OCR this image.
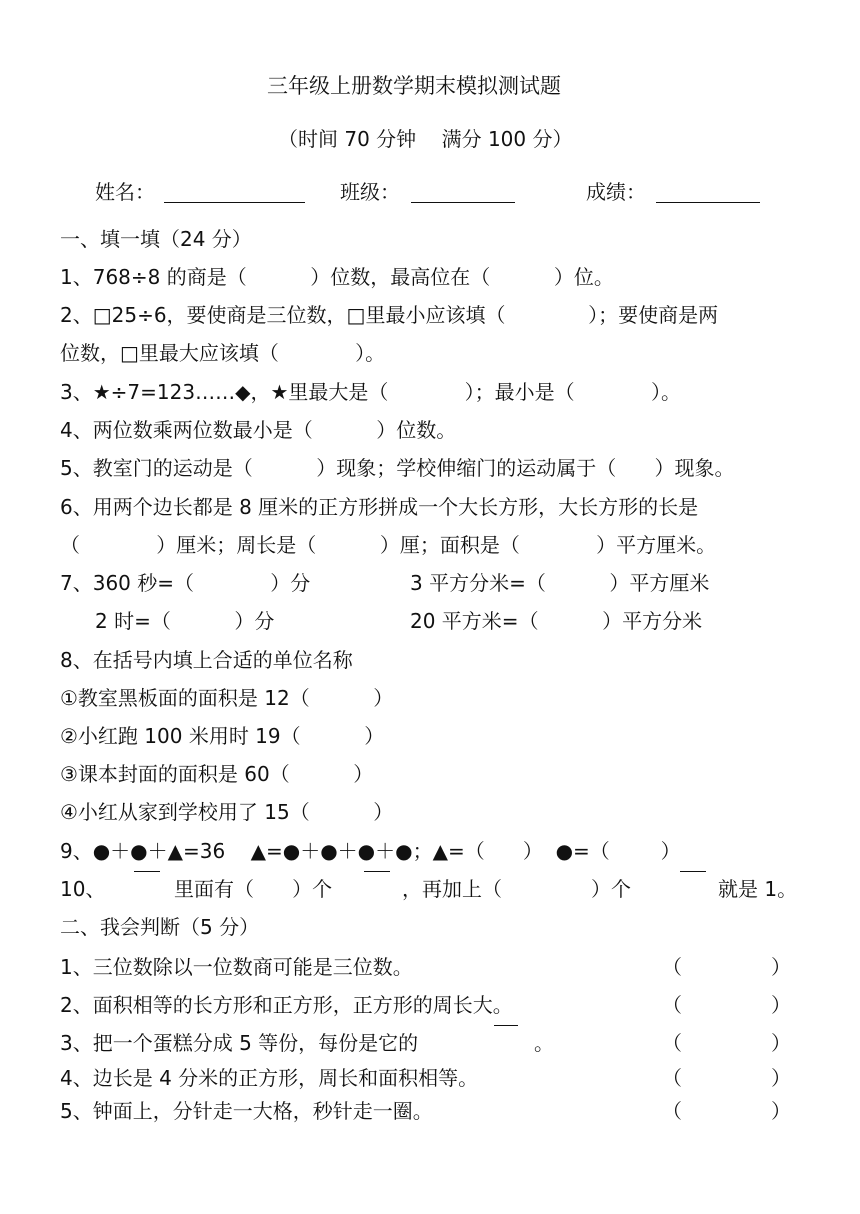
三年级上册数学期末模拟测试题
（时间 70 分钟    满分 100 分）
姓名：	班级：	成绩：
一、填一填（24 分）
1、768÷8 的商是（          ）位数，最高位在（          ）位。
2、□25÷6，要使商是三位数，□里最小应该填（             ）；要使商是两
位数，□里最大应该填（            ）。
3、★÷7=123……◆，★里最大是（            ）；最小是（            ）。
4、两位数乘两位数最小是（          ）位数。
5、教室门的运动是（          ）现象；学校伸缩门的运动属于（      ）现象。
6、用两个边长都是 8 厘米的正方形拼成一个大长方形，大长方形的长是
（            ）厘米；周长是（          ）厘；面积是（            ）平方厘米。
7、360 秒=（            ）分	3 平方分米=（          ）平方厘米
2 时=（          ）分	20 平方米=（          ）平方分米
8、在括号内填上合适的单位名称
①教室黑板面的面积是 12（          ）
②小红跑 100 米用时 19（          ）
③课本封面的面积是 60（          ）
④小红从家到学校用了 15（          ）
9、●＋●＋▲=36    ▲=●＋●＋●＋●；▲=（      ）  ●=（        ）
10、	里面有（      ）个	，再加上（              ）个	就是 1。
二、我会判断（5 分）
1、三位数除以一位数商可能是三位数。	（              ）
2、面积相等的长方形和正方形，正方形的周长大。	（              ）
3、把一个蛋糕分成 5 等份，每份是它的	。	（              ）
4、边长是 4 分米的正方形，周长和面积相等。	（              ）
5、钟面上，分针走一大格，秒针走一圈。	（              ）
